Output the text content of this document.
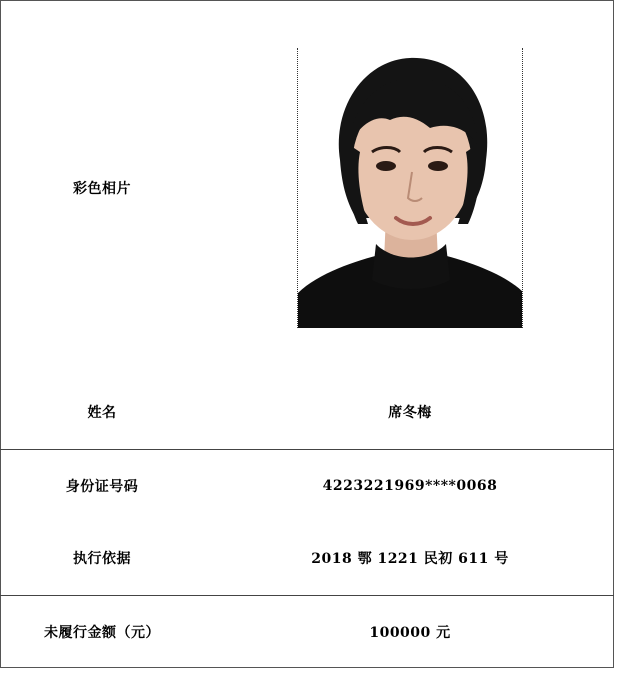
彩色相片
姓名	席冬梅
身份证号码	4223221969****0068
执行依据	2018 鄂 1221 民初 611 号
未履行金额（元）	100000 元
